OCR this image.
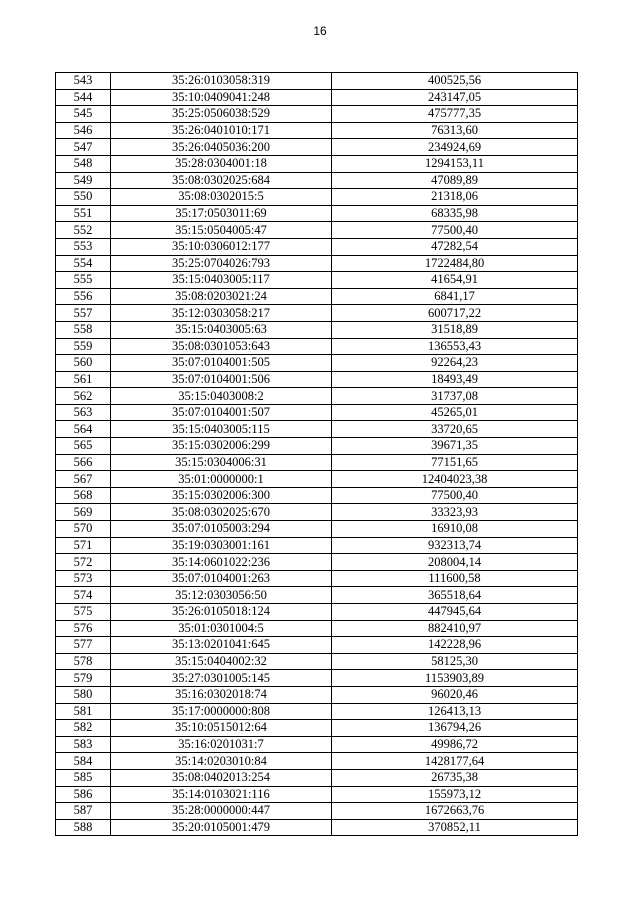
16
543	35:26:0103058:319	400525,56
544	35:10:0409041:248	243147,05
545	35:25:0506038:529	475777,35
546	35:26:0401010:171	76313,60
547	35:26:0405036:200	234924,69
548	35:28:0304001:18	1294153,11
549	35:08:0302025:684	47089,89
550	35:08:0302015:5	21318,06
551	35:17:0503011:69	68335,98
552	35:15:0504005:47	77500,40
553	35:10:0306012:177	47282,54
554	35:25:0704026:793	1722484,80
555	35:15:0403005:117	41654,91
556	35:08:0203021:24	6841,17
557	35:12:0303058:217	600717,22
558	35:15:0403005:63	31518,89
559	35:08:0301053:643	136553,43
560	35:07:0104001:505	92264,23
561	35:07:0104001:506	18493,49
562	35:15:0403008:2	31737,08
563	35:07:0104001:507	45265,01
564	35:15:0403005:115	33720,65
565	35:15:0302006:299	39671,35
566	35:15:0304006:31	77151,65
567	35:01:0000000:1	12404023,38
568	35:15:0302006:300	77500,40
569	35:08:0302025:670	33323,93
570	35:07:0105003:294	16910,08
571	35:19:0303001:161	932313,74
572	35:14:0601022:236	208004,14
573	35:07:0104001:263	111600,58
574	35:12:0303056:50	365518,64
575	35:26:0105018:124	447945,64
576	35:01:0301004:5	882410,97
577	35:13:0201041:645	142228,96
578	35:15:0404002:32	58125,30
579	35:27:0301005:145	1153903,89
580	35:16:0302018:74	96020,46
581	35:17:0000000:808	126413,13
582	35:10:0515012:64	136794,26
583	35:16:0201031:7	49986,72
584	35:14:0203010:84	1428177,64
585	35:08:0402013:254	26735,38
586	35:14:0103021:116	155973,12
587	35:28:0000000:447	1672663,76
588	35:20:0105001:479	370852,11
